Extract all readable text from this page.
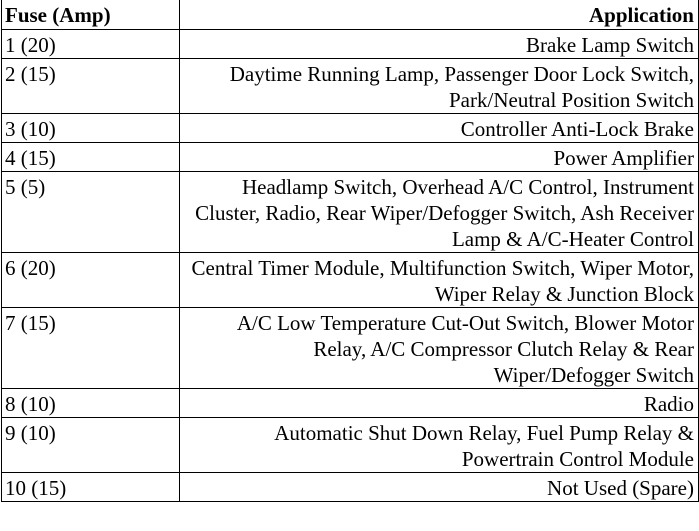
Fuse (Amp)	Application
1 (20)	Brake Lamp Switch
2 (15)	Daytime Running Lamp, Passenger Door Lock Switch, Park/Neutral Position Switch
3 (10)	Controller Anti-Lock Brake
4 (15)	Power Amplifier
5 (5)	Headlamp Switch, Overhead A/C Control, Instrument Cluster, Radio, Rear Wiper/Defogger Switch, Ash Receiver Lamp & A/C-Heater Control
6 (20)	Central Timer Module, Multifunction Switch, Wiper Motor, Wiper Relay & Junction Block
7 (15)	A/C Low Temperature Cut-Out Switch, Blower Motor Relay, A/C Compressor Clutch Relay & Rear Wiper/Defogger Switch
8 (10)	Radio
9 (10)	Automatic Shut Down Relay, Fuel Pump Relay & Powertrain Control Module
10 (15)	Not Used (Spare)
